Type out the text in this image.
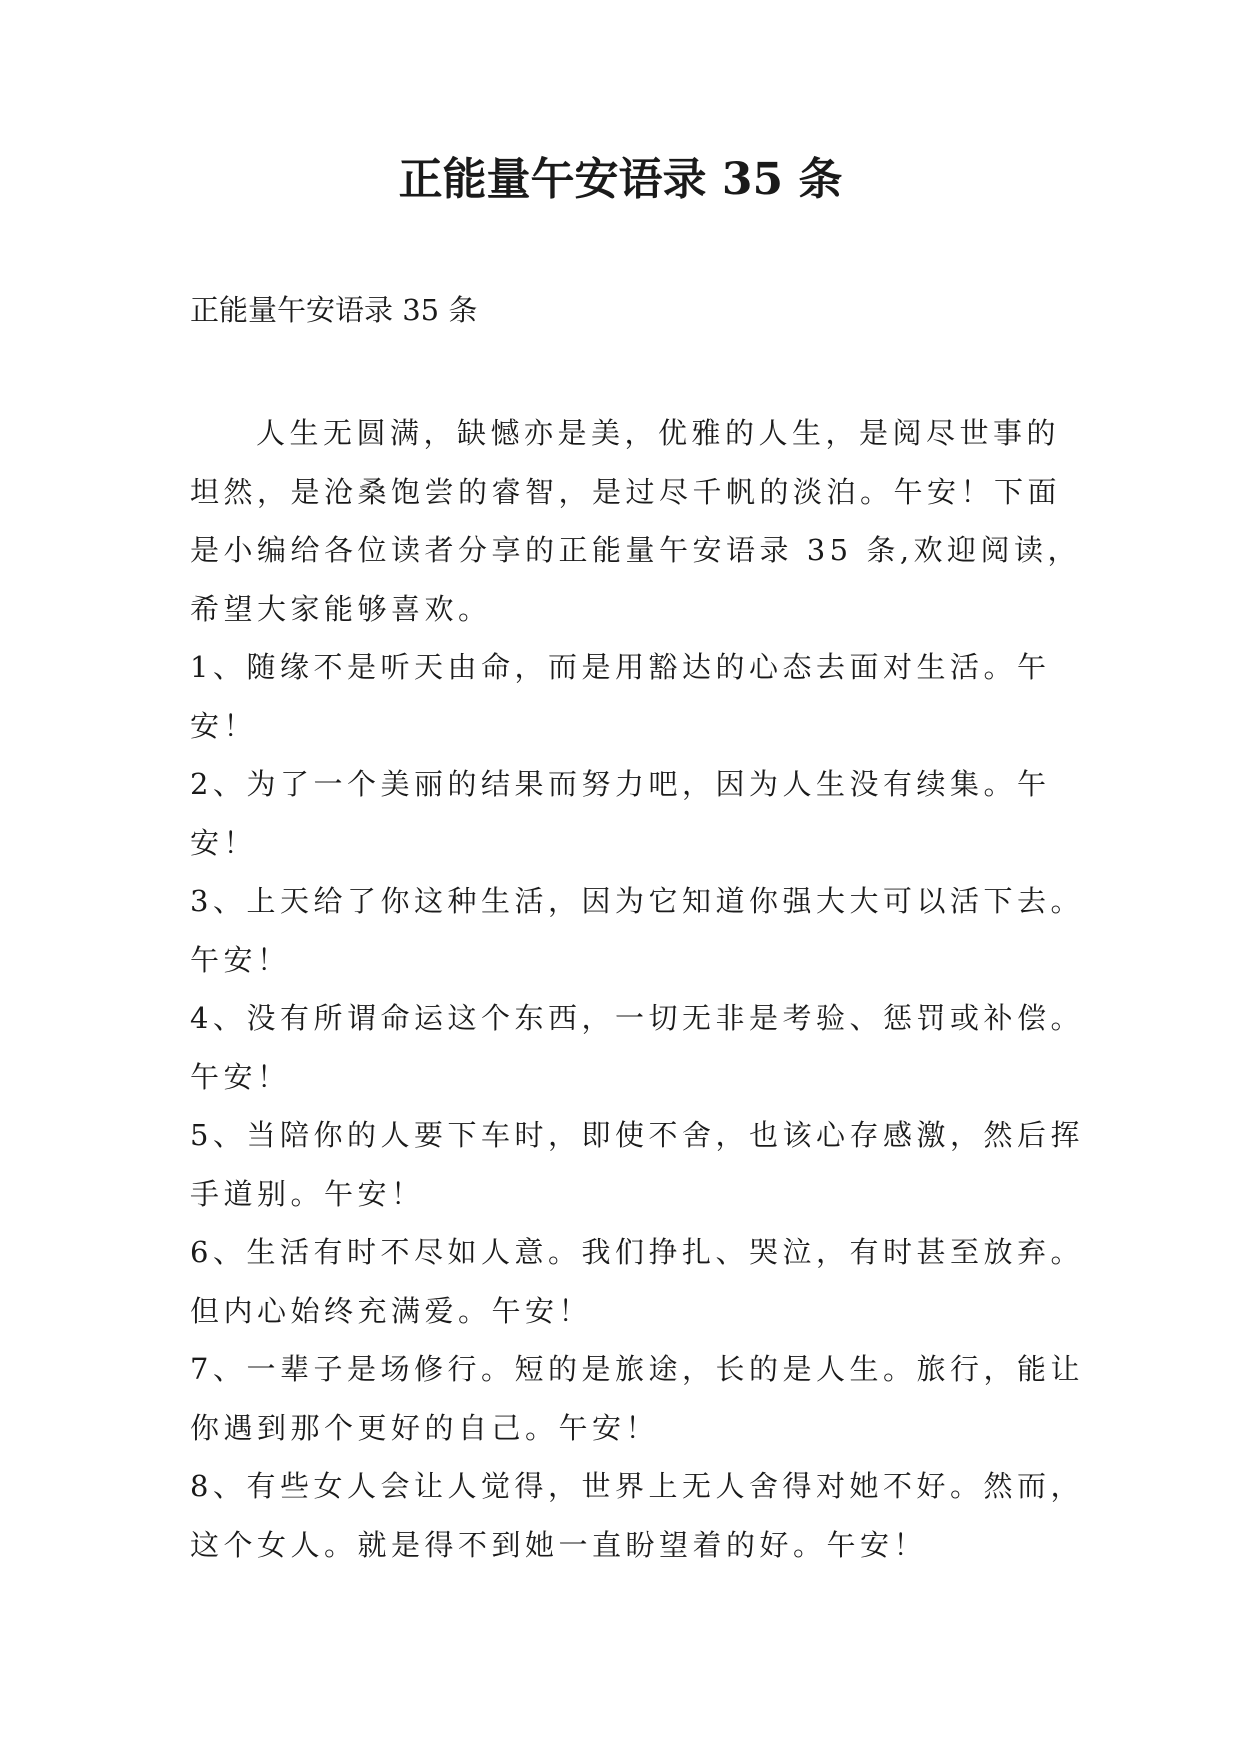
正能量午安语录 35 条
正能量午安语录 35 条

人生无圆满，缺憾亦是美，优雅的人生，是阅尽世事的坦然，是沧桑饱尝的睿智，是过尽千帆的淡泊。午安！下面是小编给各位读者分享的正能量午安语录 35 条,欢迎阅读，希望大家能够喜欢。

1、随缘不是听天由命，而是用豁达的心态去面对生活。午安！

2、为了一个美丽的结果而努力吧，因为人生没有续集。午安！

3、上天给了你这种生活，因为它知道你强大大可以活下去。午安！

4、没有所谓命运这个东西，一切无非是考验、惩罚或补偿。午安！

5、当陪你的人要下车时，即使不舍，也该心存感激，然后挥手道别。午安！

6、生活有时不尽如人意。我们挣扎、哭泣，有时甚至放弃。但内心始终充满爱。午安！

7、一辈子是场修行。短的是旅途，长的是人生。旅行，能让你遇到那个更好的自己。午安！

8、有些女人会让人觉得，世界上无人舍得对她不好。然而，这个女人。就是得不到她一直盼望着的好。午安！
